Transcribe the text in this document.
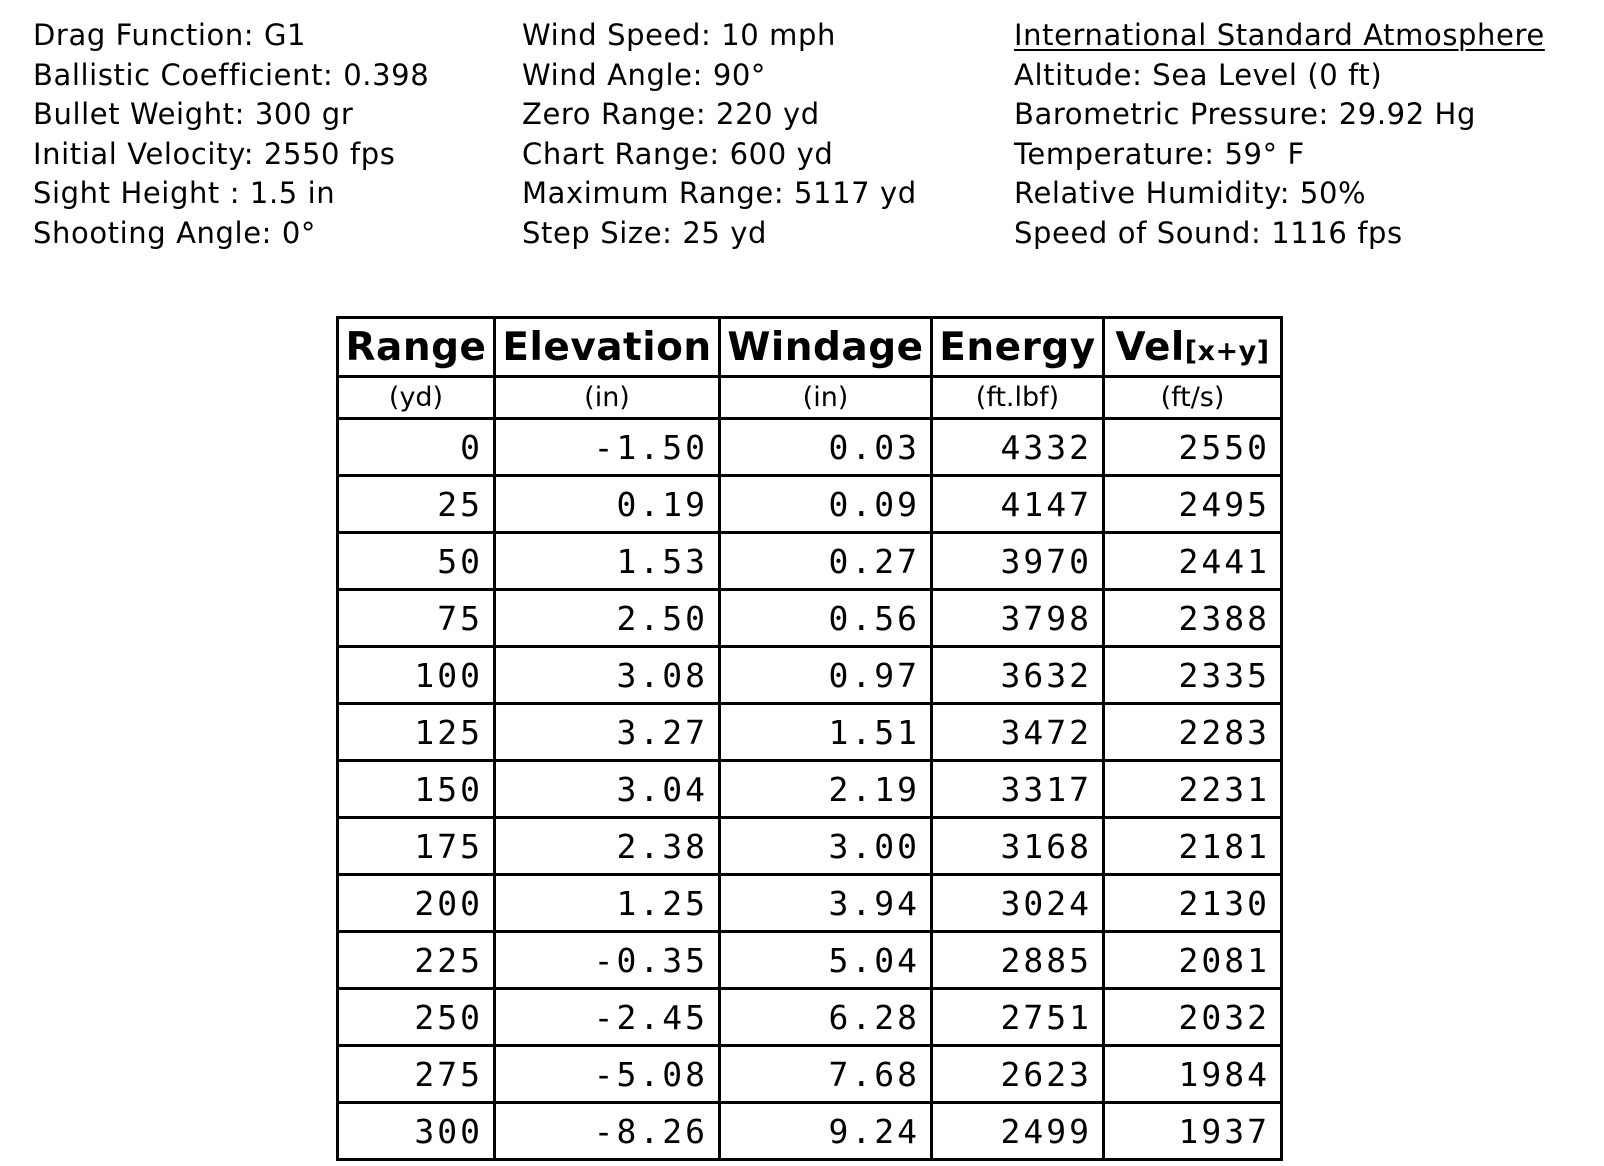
Drag Function: G1
Ballistic Coefficient: 0.398
Bullet Weight: 300 gr
Initial Velocity: 2550 fps
Sight Height : 1.5 in
Shooting Angle: 0°
Wind Speed: 10 mph
Wind Angle: 90°
Zero Range: 220 yd
Chart Range: 600 yd
Maximum Range: 5117 yd
Step Size: 25 yd
International Standard Atmosphere
Altitude: Sea Level (0 ft)
Barometric Pressure: 29.92 Hg
Temperature: 59° F
Relative Humidity: 50%
Speed of Sound: 1116 fps
Range	Elevation	Windage	Energy	Vel[x+y]
(yd)	(in)	(in)	(ft.lbf)	(ft/s)
0	-1.50	0.03	4332	2550
25	0.19	0.09	4147	2495
50	1.53	0.27	3970	2441
75	2.50	0.56	3798	2388
100	3.08	0.97	3632	2335
125	3.27	1.51	3472	2283
150	3.04	2.19	3317	2231
175	2.38	3.00	3168	2181
200	1.25	3.94	3024	2130
225	-0.35	5.04	2885	2081
250	-2.45	6.28	2751	2032
275	-5.08	7.68	2623	1984
300	-8.26	9.24	2499	1937
